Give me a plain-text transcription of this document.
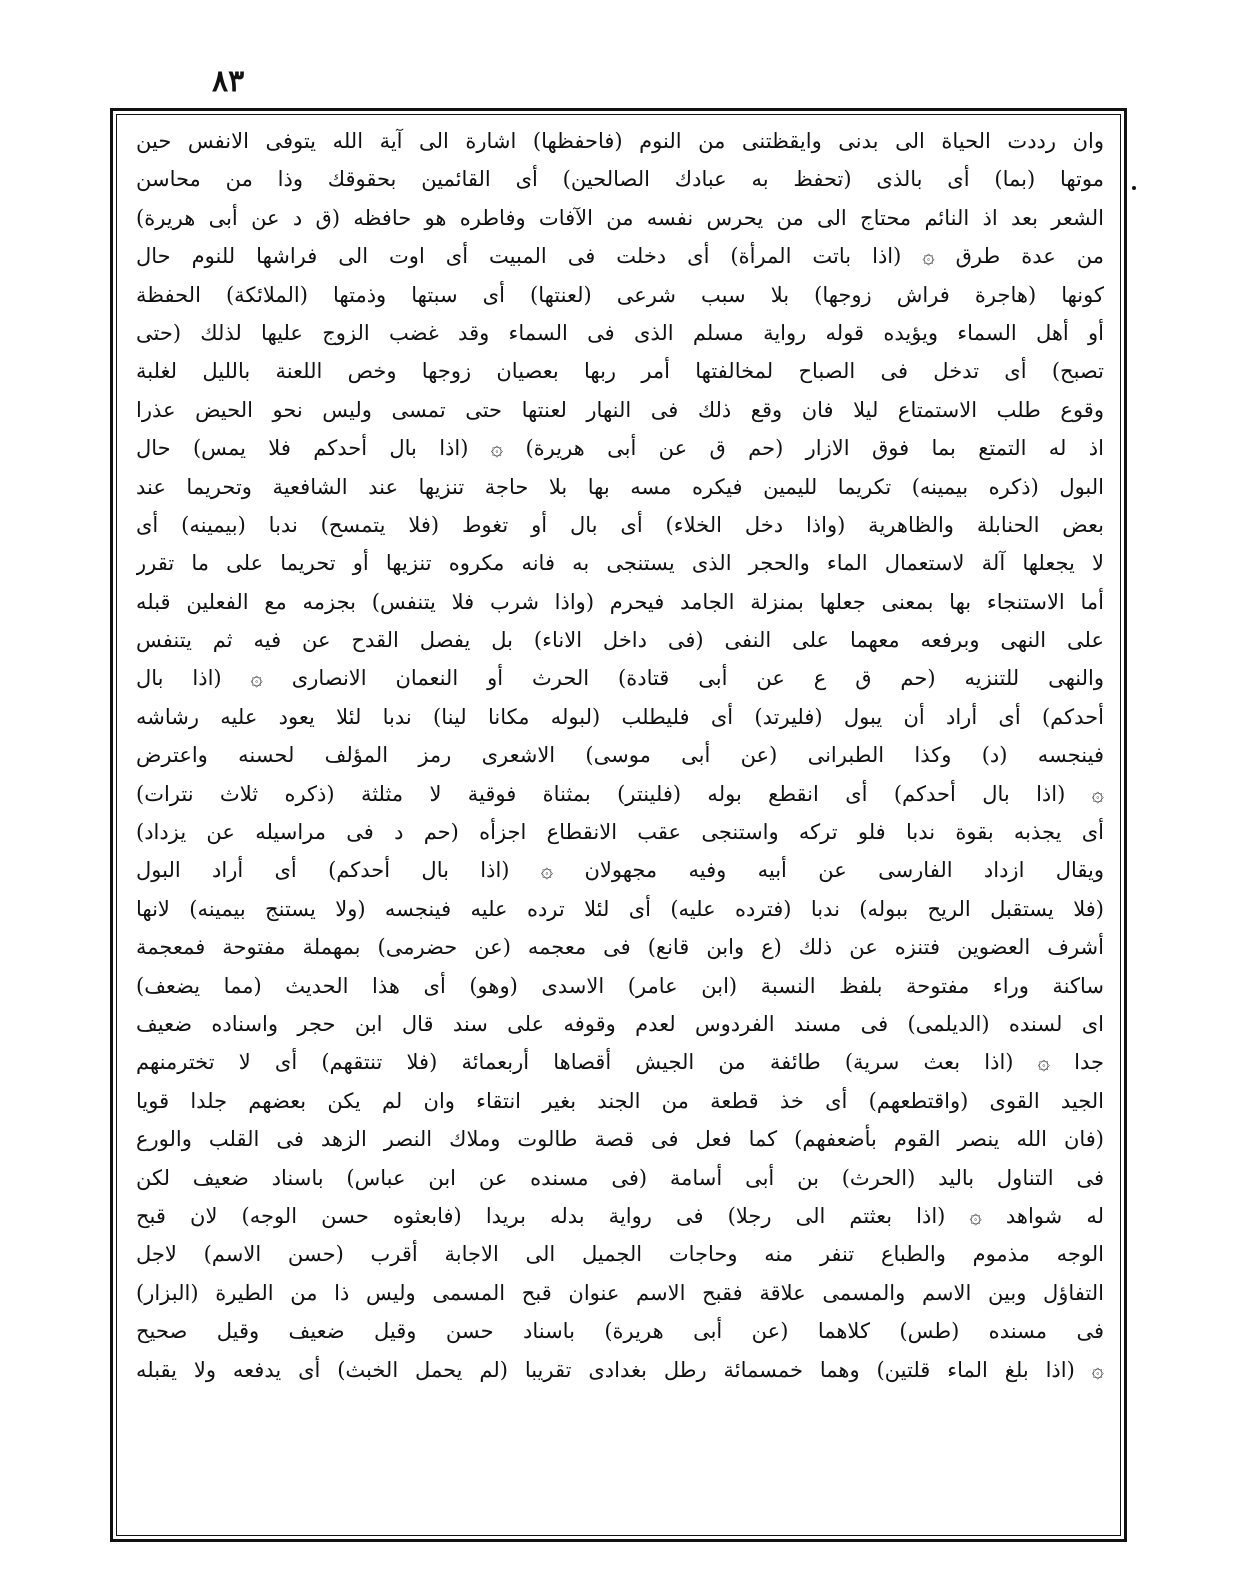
٨٣
وان رددت الحياة الى بدنى وايقظتنى من النوم (فاحفظها) اشارة الى آية الله يتوفى الانفس حين
موتها (بما) أى بالذى (تحفظ به عبادك الصالحين) أى القائمين بحقوقك وذا من محاسن
الشعر بعد اذ النائم محتاج الى من يحرس نفسه من الآفات وفاطره هو حافظه (ق د عن أبى هريرة)
من عدة طرق ۞ (اذا باتت المرأة) أى دخلت فى المبيت أى اوت الى فراشها للنوم حال
كونها (هاجرة فراش زوجها) بلا سبب شرعى (لعنتها) أى سبتها وذمتها (الملائكة) الحفظة
أو أهل السماء ويؤيده قوله رواية مسلم الذى فى السماء وقد غضب الزوج عليها لذلك (حتى
تصبح) أى تدخل فى الصباح لمخالفتها أمر ربها بعصيان زوجها وخص اللعنة بالليل لغلبة
وقوع طلب الاستمتاع ليلا فان وقع ذلك فى النهار لعنتها حتى تمسى وليس نحو الحيض عذرا
اذ له التمتع بما فوق الازار (حم ق عن أبى هريرة) ۞ (اذا بال أحدكم فلا يمس) حال
البول (ذكره بيمينه) تكريما لليمين فيكره مسه بها بلا حاجة تنزيها عند الشافعية وتحريما عند
بعض الحنابلة والظاهرية (واذا دخل الخلاء) أى بال أو تغوط (فلا يتمسح) ندبا (بيمينه) أى
لا يجعلها آلة لاستعمال الماء والحجر الذى يستنجى به فانه مكروه تنزيها أو تحريما على ما تقرر
أما الاستنجاء بها بمعنى جعلها بمنزلة الجامد فيحرم (واذا شرب فلا يتنفس) بجزمه مع الفعلين قبله
على النهى وبرفعه معهما على النفى (فى داخل الاناء) بل يفصل القدح عن فيه ثم يتنفس
والنهى للتنزيه (حم ق ع عن أبى قتادة) الحرث أو النعمان الانصارى ۞ (اذا بال
أحدكم) أى أراد أن يبول (فليرتد) أى فليطلب (لبوله مكانا لينا) ندبا لئلا يعود عليه رشاشه
فينجسه (د) وكذا الطبرانى (عن أبى موسى) الاشعرى رمز المؤلف لحسنه واعترض
۞ (اذا بال أحدكم) أى انقطع بوله (فلينتر) بمثناة فوقية لا مثلثة (ذكره ثلاث نترات)
أى يجذبه بقوة ندبا فلو تركه واستنجى عقب الانقطاع اجزأه (حم د فى مراسيله عن يزداد)
ويقال ازداد الفارسى عن أبيه وفيه مجهولان ۞ (اذا بال أحدكم) أى أراد البول
(فلا يستقبل الريح ببوله) ندبا (فترده عليه) أى لئلا ترده عليه فينجسه (ولا يستنج بيمينه) لانها
أشرف العضوين فتنزه عن ذلك (ع وابن قانع) فى معجمه (عن حضرمى) بمهملة مفتوحة فمعجمة
ساكنة وراء مفتوحة بلفظ النسبة (ابن عامر) الاسدى (وهو) أى هذا الحديث (مما يضعف)
اى لسنده (الديلمى) فى مسند الفردوس لعدم وقوفه على سند قال ابن حجر واسناده ضعيف
جدا ۞ (اذا بعث سرية) طائفة من الجيش أقصاها أربعمائة (فلا تنتقهم) أى لا تخترمنهم
الجيد القوى (واقتطعهم) أى خذ قطعة من الجند بغير انتقاء وان لم يكن بعضهم جلدا قويا
(فان الله ينصر القوم بأضعفهم) كما فعل فى قصة طالوت وملاك النصر الزهد فى القلب والورع
فى التناول باليد (الحرث) بن أبى أسامة (فى مسنده عن ابن عباس) باسناد ضعيف لكن
له شواهد ۞ (اذا بعثتم الى رجلا) فى رواية بدله بريدا (فابعثوه حسن الوجه) لان قبح
الوجه مذموم والطباع تنفر منه وحاجات الجميل الى الاجابة أقرب (حسن الاسم) لاجل
التفاؤل وبين الاسم والمسمى علاقة فقبح الاسم عنوان قبح المسمى وليس ذا من الطيرة (البزار)
فى مسنده (طس) كلاهما (عن أبى هريرة) باسناد حسن وقيل ضعيف وقيل صحيح
۞ (اذا بلغ الماء قلتين) وهما خمسمائة رطل بغدادى تقريبا (لم يحمل الخبث) أى يدفعه ولا يقبله
